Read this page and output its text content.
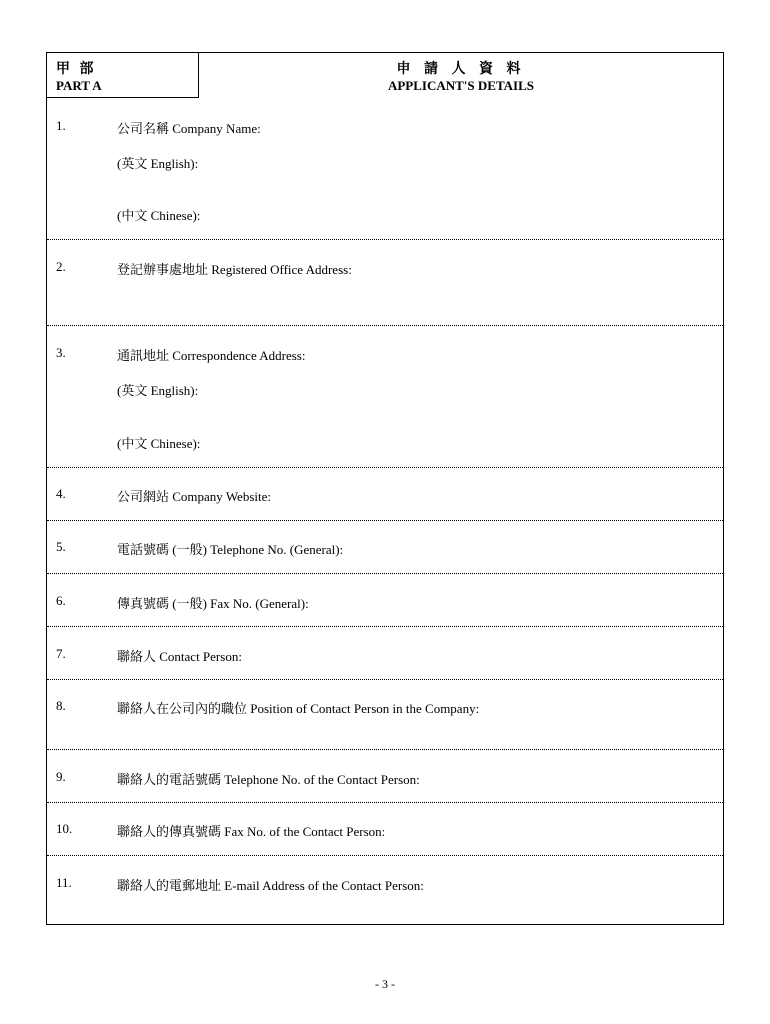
甲 部
PART A
申 請 人 資 料
APPLICANT'S DETAILS
1.	公司名稱 Company Name:
(英文 English):
(中文 Chinese):
2.	登記辦事處地址 Registered Office Address:
3.	通訊地址 Correspondence Address:
(英文 English):
(中文 Chinese):
4.	公司網站 Company Website:
5.	電話號碼 (一般) Telephone No. (General):
6.	傳真號碼 (一般) Fax No. (General):
7.	聯絡人 Contact Person:
8.	聯絡人在公司內的職位 Position of Contact Person in the Company:
9.	聯絡人的電話號碼 Telephone No. of the Contact Person:
10.	聯絡人的傳真號碼 Fax No. of the Contact Person:
11.	聯絡人的電郵地址 E-mail Address of the Contact Person:
- 3 -
